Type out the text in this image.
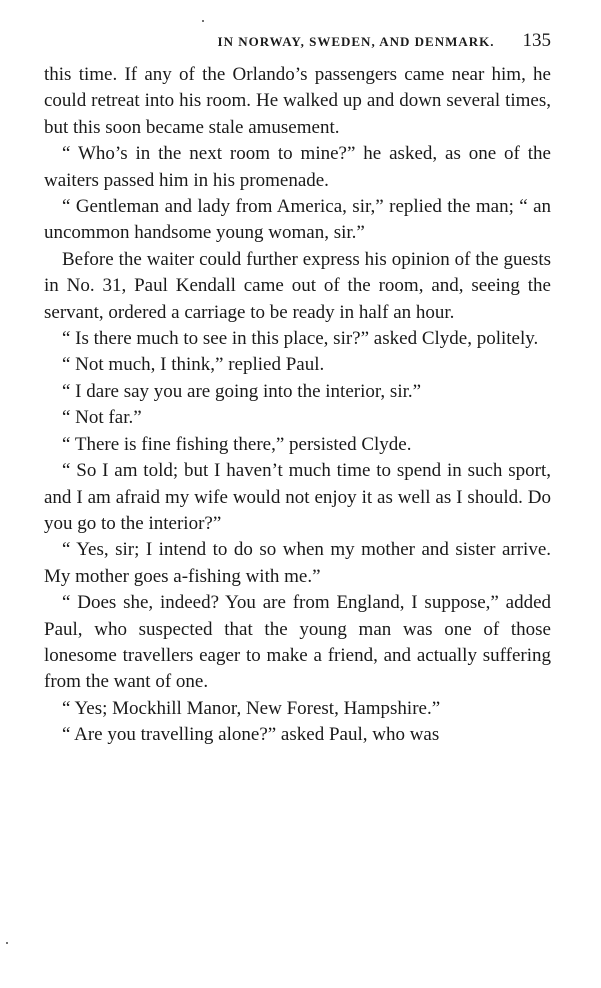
IN NORWAY, SWEDEN, AND DENMARK. 135

this time. If any of the Orlando’s passengers came near him, he could retreat into his room. He walked up and down several times, but this soon became stale amusement.

“ Who’s in the next room to mine?” he asked, as one of the waiters passed him in his promenade.

“ Gentleman and lady from America, sir,” replied the man; “ an uncommon handsome young woman, sir.”

Before the waiter could further express his opinion of the guests in No. 31, Paul Kendall came out of the room, and, seeing the servant, ordered a carriage to be ready in half an hour.

“ Is there much to see in this place, sir?” asked Clyde, politely.

“ Not much, I think,” replied Paul.

“ I dare say you are going into the interior, sir.”

“ Not far.”

“ There is fine fishing there,” persisted Clyde.

“ So I am told; but I haven’t much time to spend in such sport, and I am afraid my wife would not enjoy it as well as I should. Do you go to the interior?”

“ Yes, sir; I intend to do so when my mother and sister arrive. My mother goes a-fishing with me.”

“ Does she, indeed? You are from England, I suppose,” added Paul, who suspected that the young man was one of those lonesome travellers eager to make a friend, and actually suffering from the want of one.

“ Yes; Mockhill Manor, New Forest, Hampshire.”

“ Are you travelling alone?” asked Paul, who was
